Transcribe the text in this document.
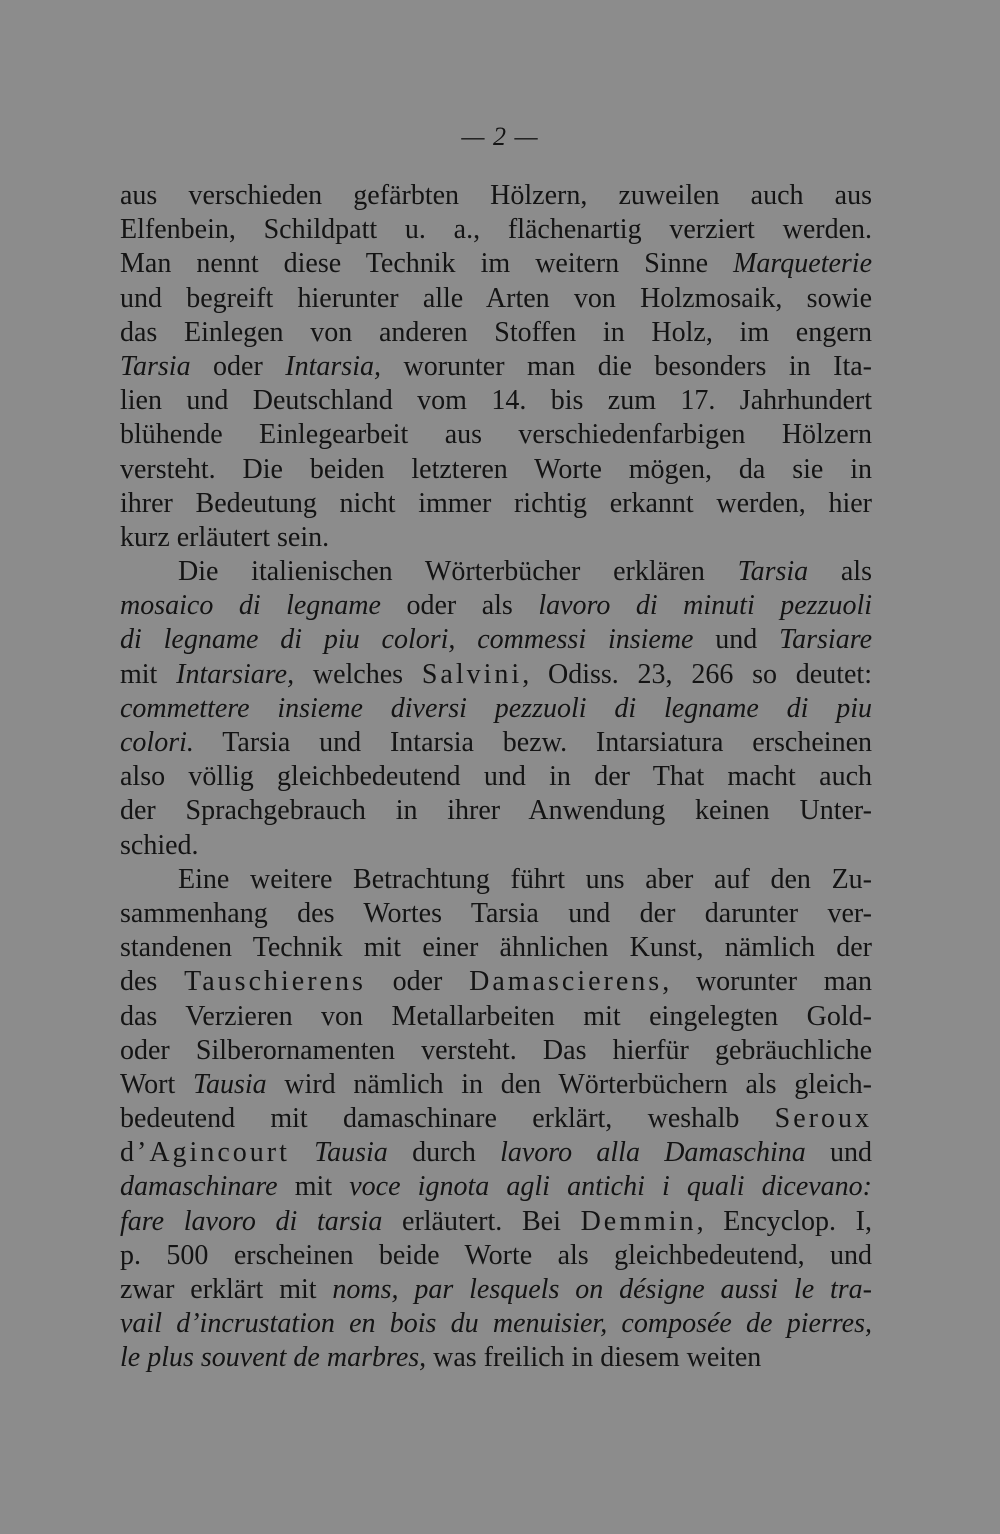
— 2 —
aus verschieden gefärbten Hölzern, zuweilen auch aus
Elfenbein, Schildpatt u. a., flächenartig verziert werden.
Man nennt diese Technik im weitern Sinne Marqueterie
und begreift hierunter alle Arten von Holzmosaik, sowie
das Einlegen von anderen Stoffen in Holz, im engern
Tarsia oder Intarsia, worunter man die besonders in Ita-
lien und Deutschland vom 14. bis zum 17. Jahrhundert
blühende Einlegearbeit aus verschiedenfarbigen Hölzern
versteht. Die beiden letzteren Worte mögen, da sie in
ihrer Bedeutung nicht immer richtig erkannt werden, hier
kurz erläutert sein.
Die italienischen Wörterbücher erklären Tarsia als
mosaico di legname oder als lavoro di minuti pezzuoli
di legname di piu colori, commessi insieme und Tarsiare
mit Intarsiare, welches Salvini, Odiss. 23, 266 so deutet:
commettere insieme diversi pezzuoli di legname di piu
colori. Tarsia und Intarsia bezw. Intarsiatura erscheinen
also völlig gleichbedeutend und in der That macht auch
der Sprachgebrauch in ihrer Anwendung keinen Unter-
schied.
Eine weitere Betrachtung führt uns aber auf den Zu-
sammenhang des Wortes Tarsia und der darunter ver-
standenen Technik mit einer ähnlichen Kunst, nämlich der
des Tauschierens oder Damascierens, worunter man
das Verzieren von Metallarbeiten mit eingelegten Gold-
oder Silberornamenten versteht. Das hierfür gebräuchliche
Wort Tausia wird nämlich in den Wörterbüchern als gleich-
bedeutend mit damaschinare erklärt, weshalb Seroux
d’Agincourt Tausia durch lavoro alla Damaschina und
damaschinare mit voce ignota agli antichi i quali dicevano:
fare lavoro di tarsia erläutert. Bei Demmin, Encyclop. I,
p. 500 erscheinen beide Worte als gleichbedeutend, und
zwar erklärt mit noms, par lesquels on désigne aussi le tra-
vail d’incrustation en bois du menuisier, composée de pierres,
le plus souvent de marbres, was freilich in diesem weiten
